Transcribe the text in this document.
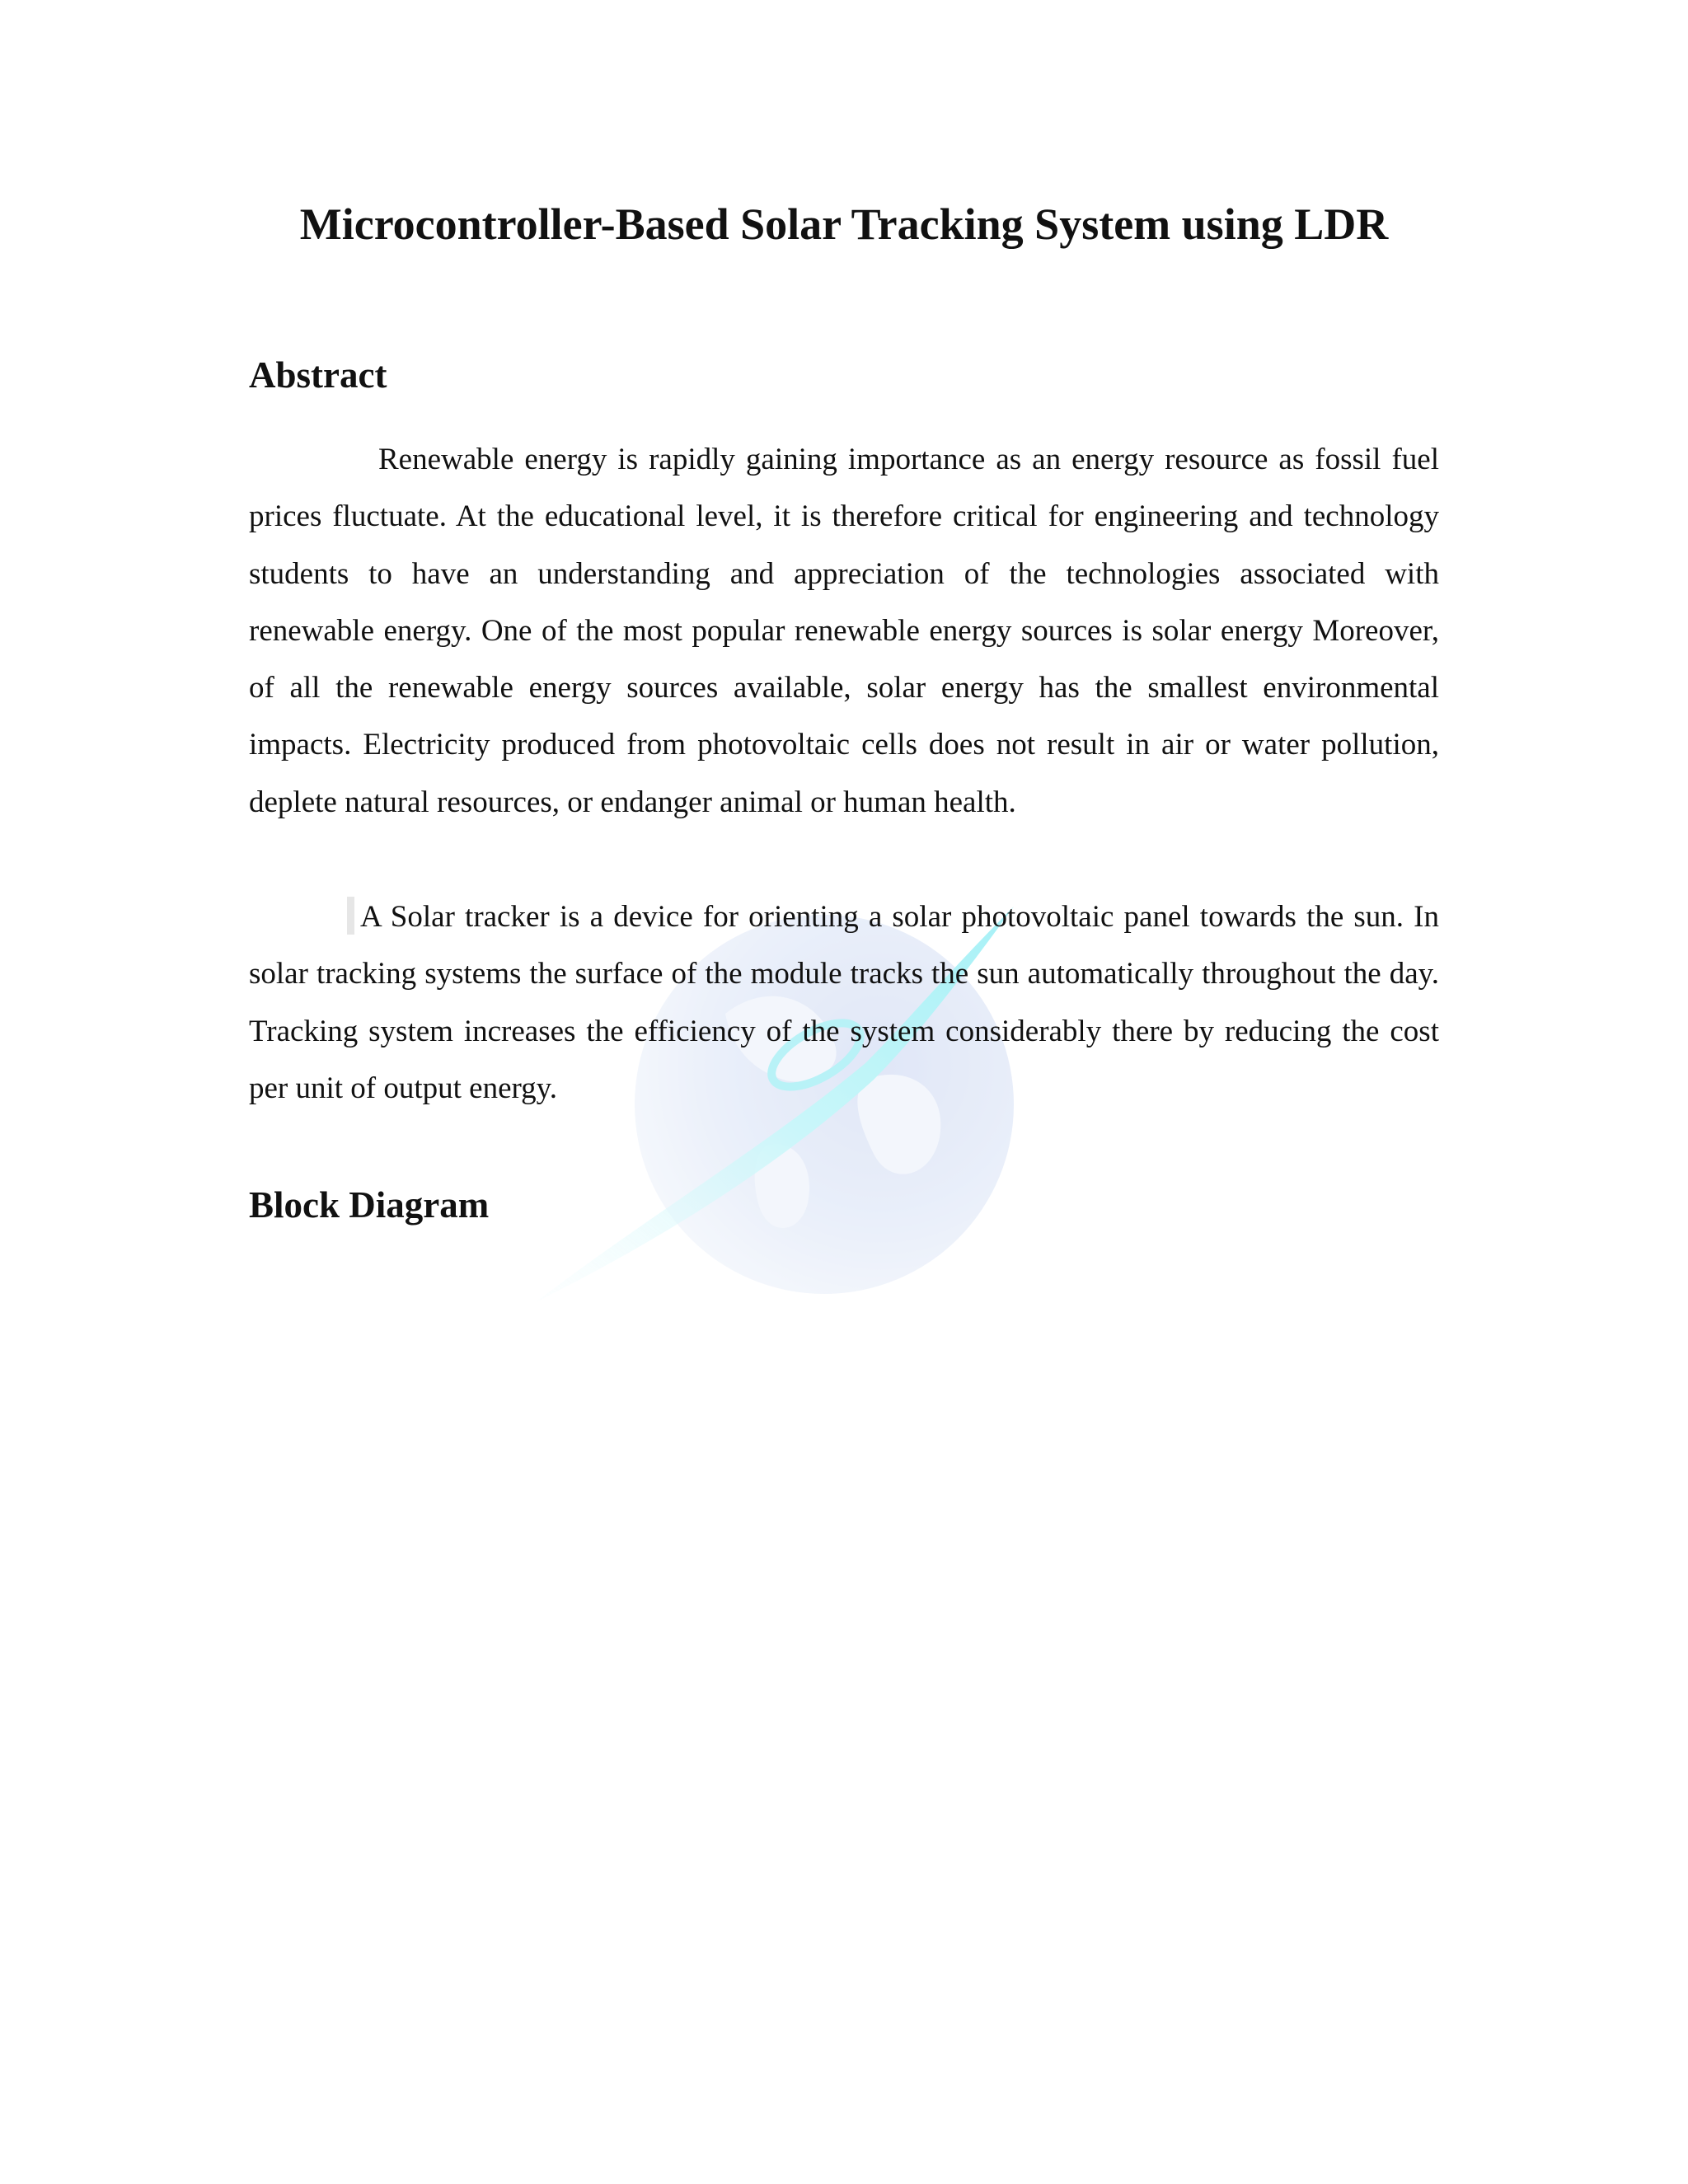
Microcontroller-Based Solar Tracking System using LDR
Abstract

Renewable energy is rapidly gaining importance as an energy resource as fossil fuel prices fluctuate. At the educational level, it is therefore critical for engineering and technology students to have an understanding and appreciation of the technologies associated with renewable energy. One of the most popular renewable energy sources is solar energy Moreover, of all the renewable energy sources available, solar energy has the smallest environmental impacts. Electricity produced from photovoltaic cells does not result in air or water pollution, deplete natural resources, or endanger animal or human health.

A Solar tracker is a device for orienting a solar photovoltaic panel towards the sun. In solar tracking systems the surface of the module tracks the sun automatically throughout the day. Tracking system increases the efficiency of the system considerably there by reducing the cost per unit of output energy.

Block Diagram
